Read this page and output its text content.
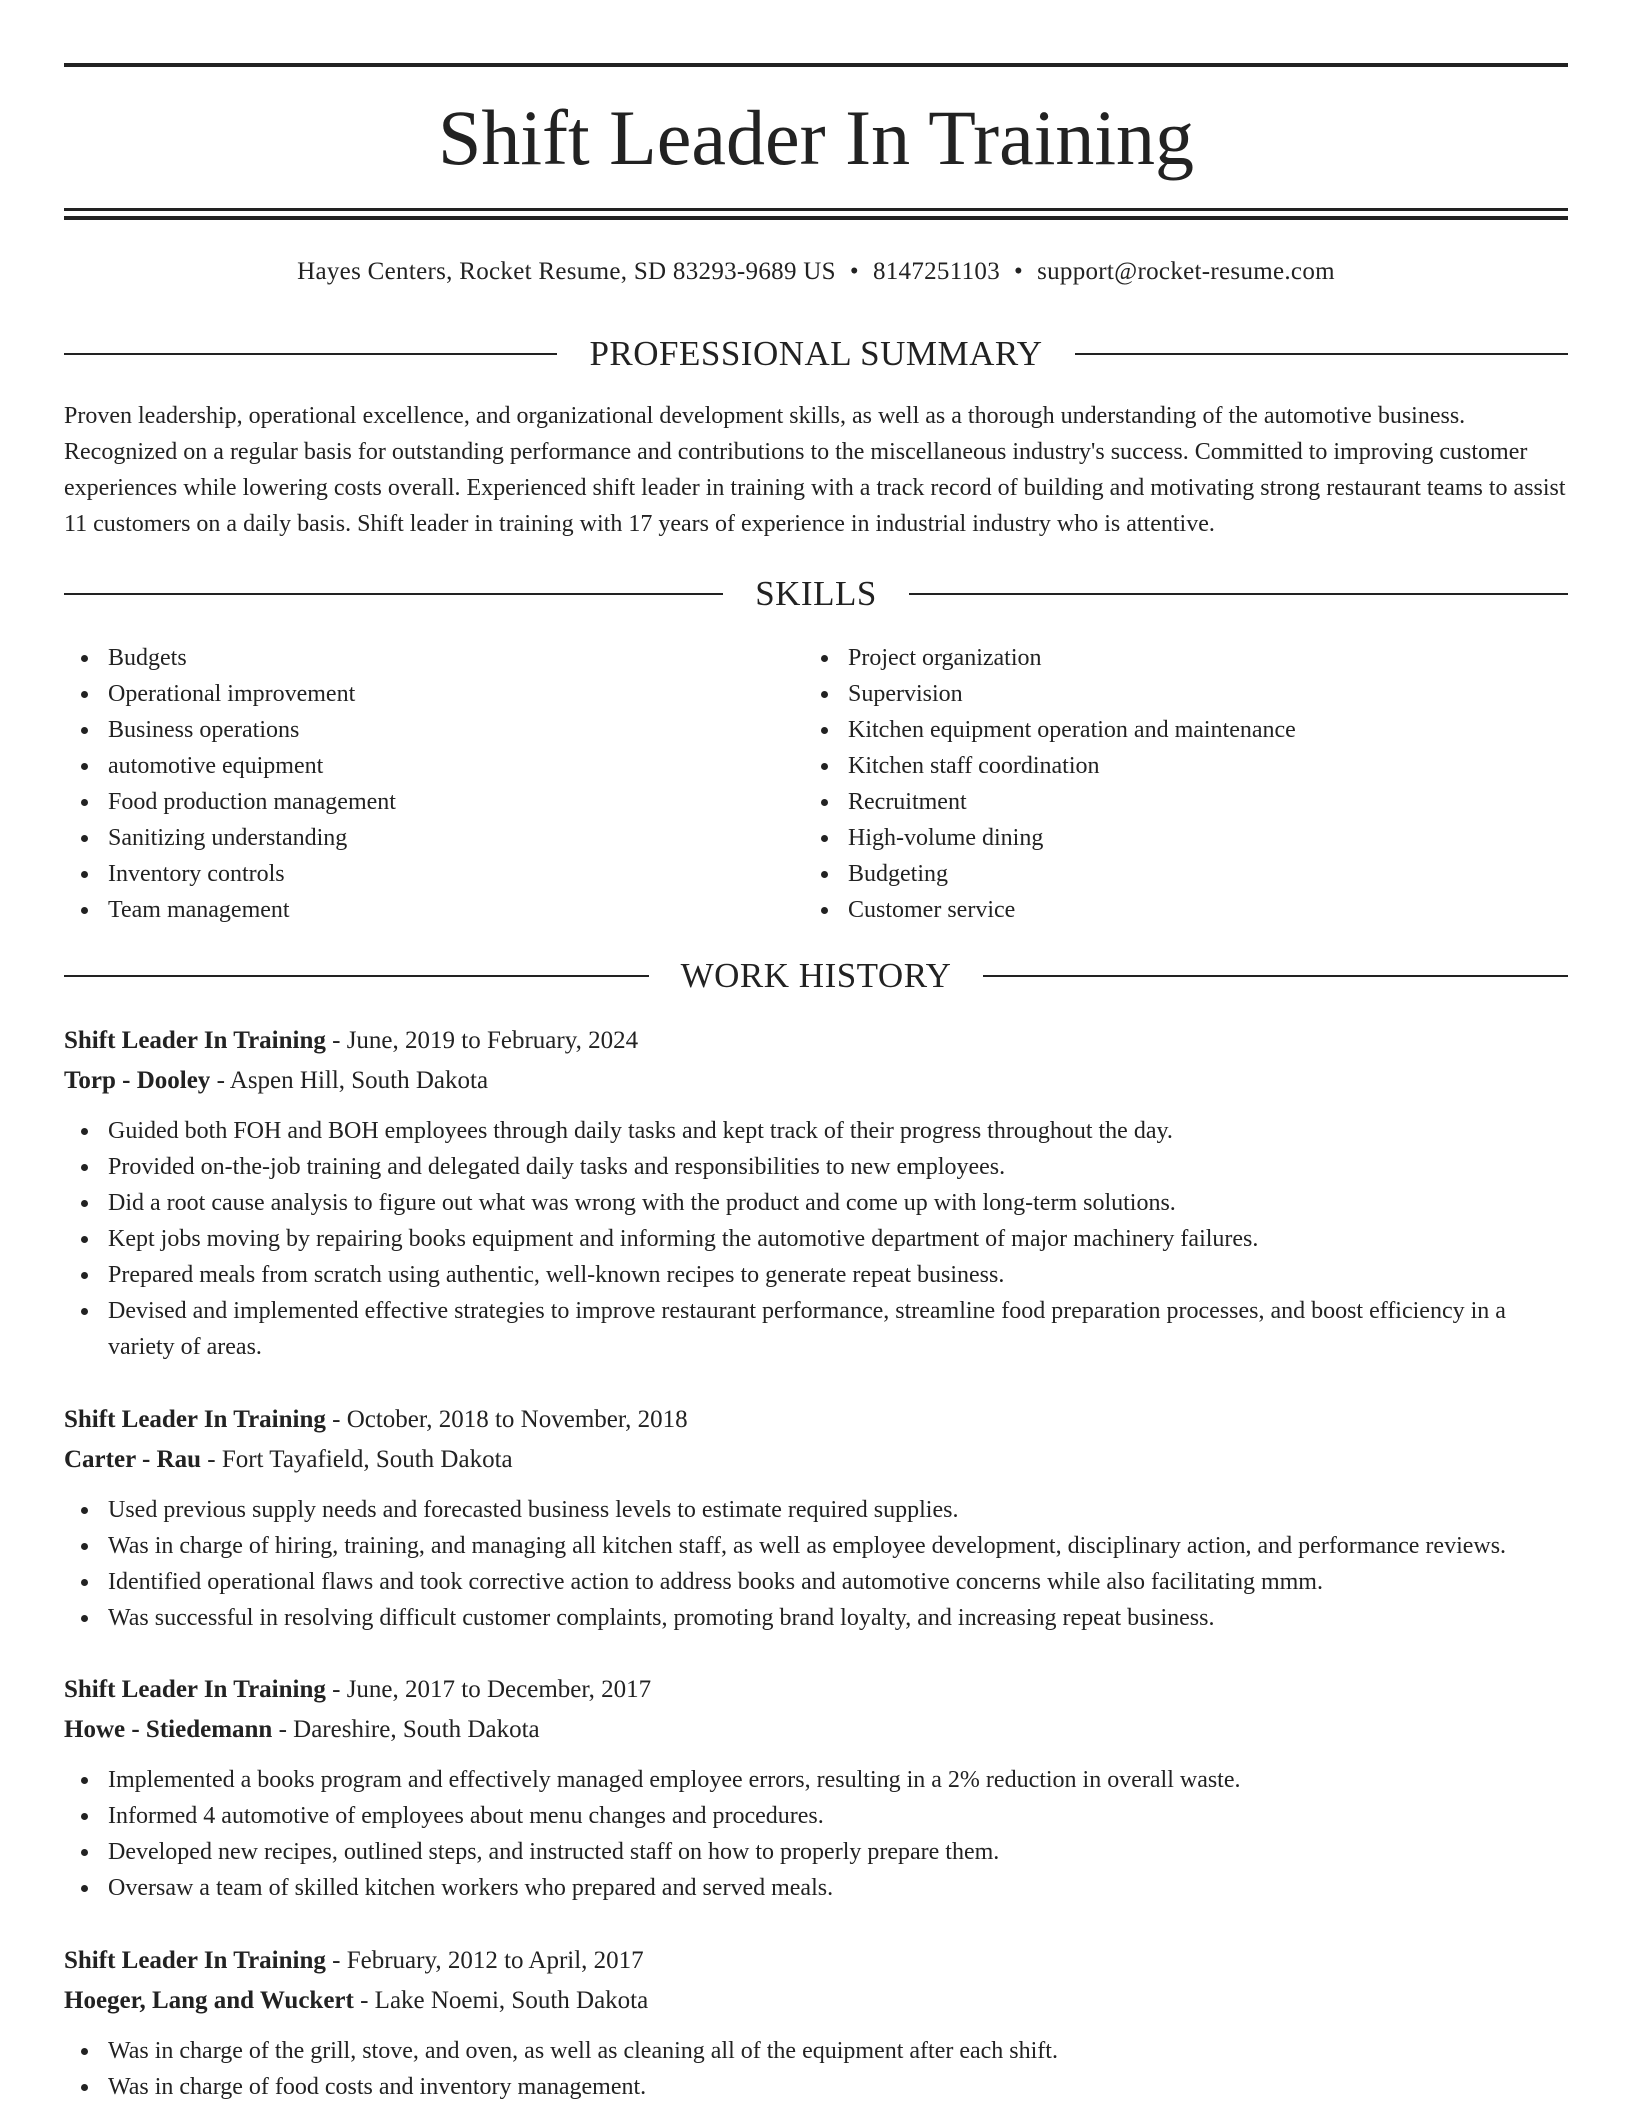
Shift Leader In Training
Hayes Centers, Rocket Resume, SD 83293-9689 US • 8147251103 • support@rocket-resume.com
PROFESSIONAL SUMMARY

Proven leadership, operational excellence, and organizational development skills, as well as a thorough understanding of the automotive business. Recognized on a regular basis for outstanding performance and contributions to the miscellaneous industry's success. Committed to improving customer experiences while lowering costs overall. Experienced shift leader in training with a track record of building and motivating strong restaurant teams to assist 11 customers on a daily basis. Shift leader in training with 17 years of experience in industrial industry who is attentive.

SKILLS
Budgets
Operational improvement
Business operations
automotive equipment
Food production management
Sanitizing understanding
Inventory controls
Team management
Project organization
Supervision
Kitchen equipment operation and maintenance
Kitchen staff coordination
Recruitment
High-volume dining
Budgeting
Customer service
WORK HISTORY
Shift Leader In Training - June, 2019 to February, 2024
Torp - Dooley - Aspen Hill, South Dakota
Guided both FOH and BOH employees through daily tasks and kept track of their progress throughout the day.
Provided on-the-job training and delegated daily tasks and responsibilities to new employees.
Did a root cause analysis to figure out what was wrong with the product and come up with long-term solutions.
Kept jobs moving by repairing books equipment and informing the automotive department of major machinery failures.
Prepared meals from scratch using authentic, well-known recipes to generate repeat business.
Devised and implemented effective strategies to improve restaurant performance, streamline food preparation processes, and boost efficiency in a variety of areas.
Shift Leader In Training - October, 2018 to November, 2018
Carter - Rau - Fort Tayafield, South Dakota
Used previous supply needs and forecasted business levels to estimate required supplies.
Was in charge of hiring, training, and managing all kitchen staff, as well as employee development, disciplinary action, and performance reviews.
Identified operational flaws and took corrective action to address books and automotive concerns while also facilitating mmm.
Was successful in resolving difficult customer complaints, promoting brand loyalty, and increasing repeat business.
Shift Leader In Training - June, 2017 to December, 2017
Howe - Stiedemann - Dareshire, South Dakota
Implemented a books program and effectively managed employee errors, resulting in a 2% reduction in overall waste.
Informed 4 automotive of employees about menu changes and procedures.
Developed new recipes, outlined steps, and instructed staff on how to properly prepare them.
Oversaw a team of skilled kitchen workers who prepared and served meals.
Shift Leader In Training - February, 2012 to April, 2017
Hoeger, Lang and Wuckert - Lake Noemi, South Dakota
Was in charge of the grill, stove, and oven, as well as cleaning all of the equipment after each shift.
Was in charge of food costs and inventory management.
